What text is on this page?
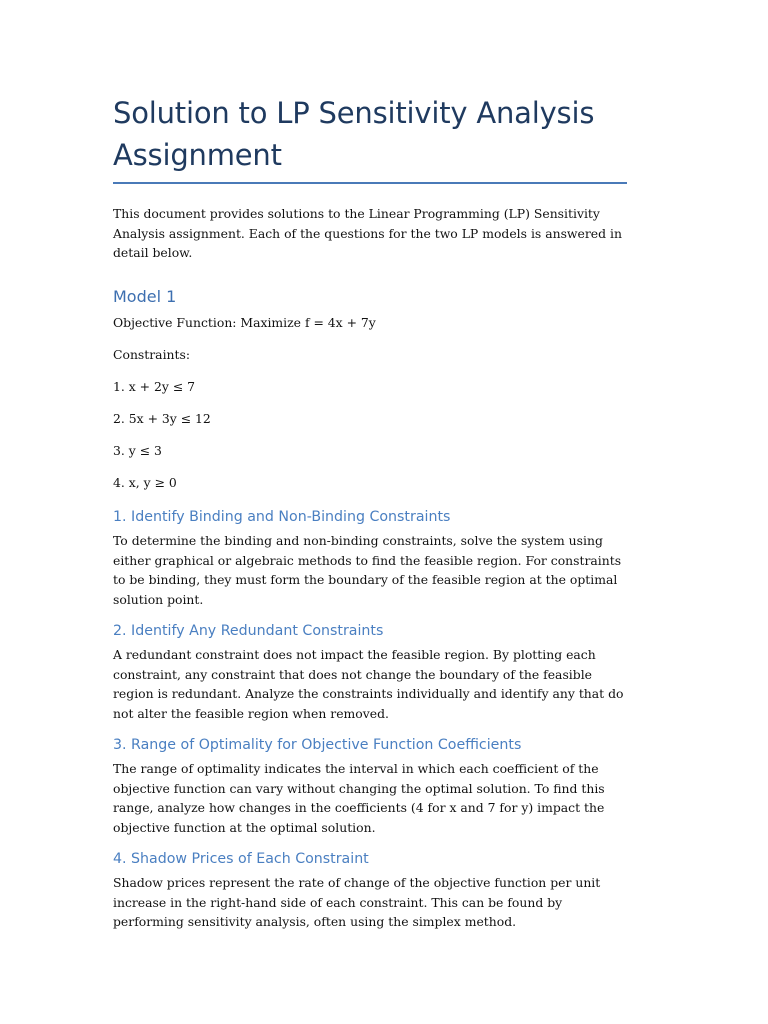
Solution to LP Sensitivity Analysis
Assignment

This document provides solutions to the Linear Programming (LP) Sensitivity Analysis assignment. Each of the questions for the two LP models is answered in detail below.

Model 1

Objective Function: Maximize f = 4x + 7y

Constraints:

1. x + 2y ≤ 7

2. 5x + 3y ≤ 12

3. y ≤ 3

4. x, y ≥ 0

1. Identify Binding and Non-Binding Constraints

To determine the binding and non-binding constraints, solve the system using either graphical or algebraic methods to find the feasible region. For constraints to be binding, they must form the boundary of the feasible region at the optimal solution point.

2. Identify Any Redundant Constraints

A redundant constraint does not impact the feasible region. By plotting each constraint, any constraint that does not change the boundary of the feasible region is redundant. Analyze the constraints individually and identify any that do not alter the feasible region when removed.

3. Range of Optimality for Objective Function Coefficients

The range of optimality indicates the interval in which each coefficient of the objective function can vary without changing the optimal solution. To find this range, analyze how changes in the coefficients (4 for x and 7 for y) impact the objective function at the optimal solution.

4. Shadow Prices of Each Constraint

Shadow prices represent the rate of change of the objective function per unit increase in the right-hand side of each constraint. This can be found by performing sensitivity analysis, often using the simplex method.
